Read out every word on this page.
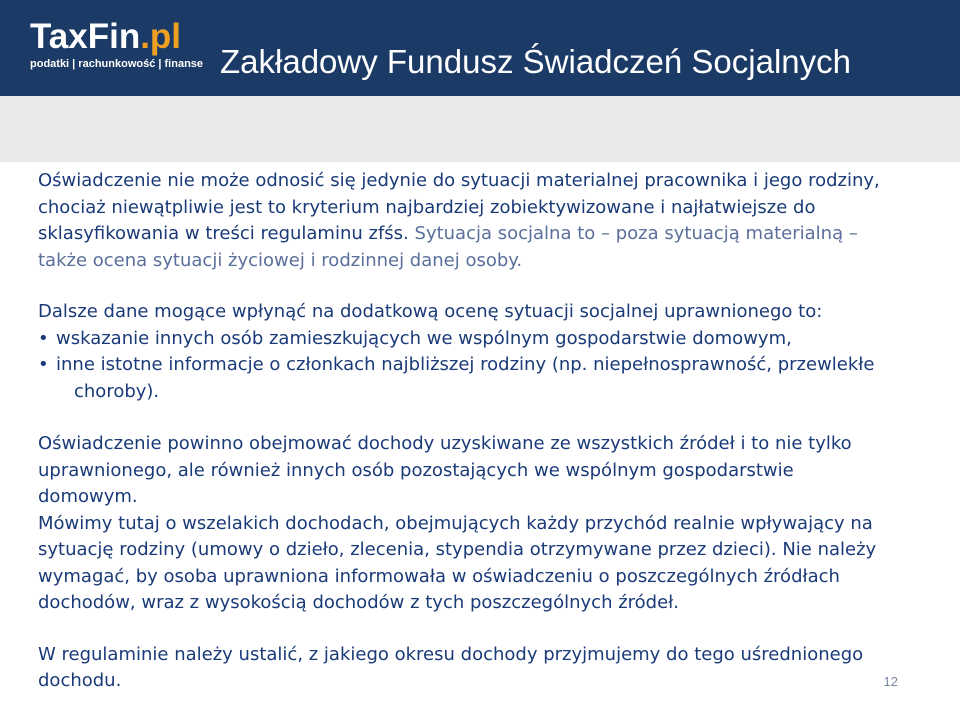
TaxFin.pl
podatki | rachunkowość | finanse Zakładowy Fundusz Świadczeń Socjalnych

Oświadczenie nie może odnosić się jedynie do sytuacji materialnej pracownika i jego rodziny, chociaż niewątpliwie jest to kryterium najbardziej zobiektywizowane i najłatwiejsze do sklasyfikowania w treści regulaminu zfśs. Sytuacja socjalna to – poza sytuacją materialną – także ocena sytuacji życiowej i rodzinnej danej osoby.

Dalsze dane mogące wpłynąć na dodatkową ocenę sytuacji socjalnej uprawnionego to:

• wskazanie innych osób zamieszkujących we wspólnym gospodarstwie domowym,
• inne istotne informacje o członkach najbliższej rodziny (np. niepełnosprawność, przewlekłe
choroby).

Oświadczenie powinno obejmować dochody uzyskiwane ze wszystkich źródeł i to nie tylko uprawnionego, ale również innych osób pozostających we wspólnym gospodarstwie domowym.

Mówimy tutaj o wszelakich dochodach, obejmujących każdy przychód realnie wpływający na sytuację rodziny (umowy o dzieło, zlecenia, stypendia otrzymywane przez dzieci). Nie należy wymagać, by osoba uprawniona informowała w oświadczeniu o poszczególnych źródłach dochodów, wraz z wysokością dochodów z tych poszczególnych źródeł.

W regulaminie należy ustalić, z jakiego okresu dochody przyjmujemy do tego uśrednionego dochodu.	12
